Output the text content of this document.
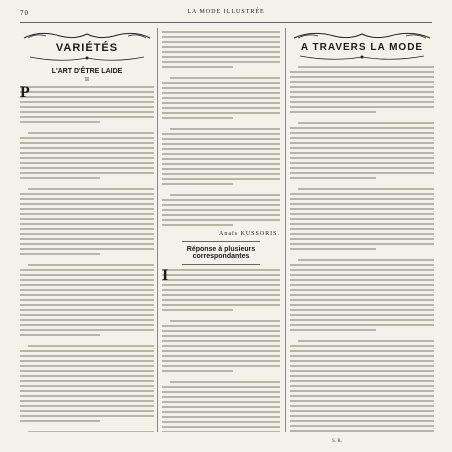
70	LA MODE ILLUSTRÉE
VARIÉTÉS
L'ART D'ÊTRE LAIDE
II
P
Anaïs KUSSORIS.
Réponse à plusieurs correspondantes
I
A TRAVERS LA MODE
S. R.
